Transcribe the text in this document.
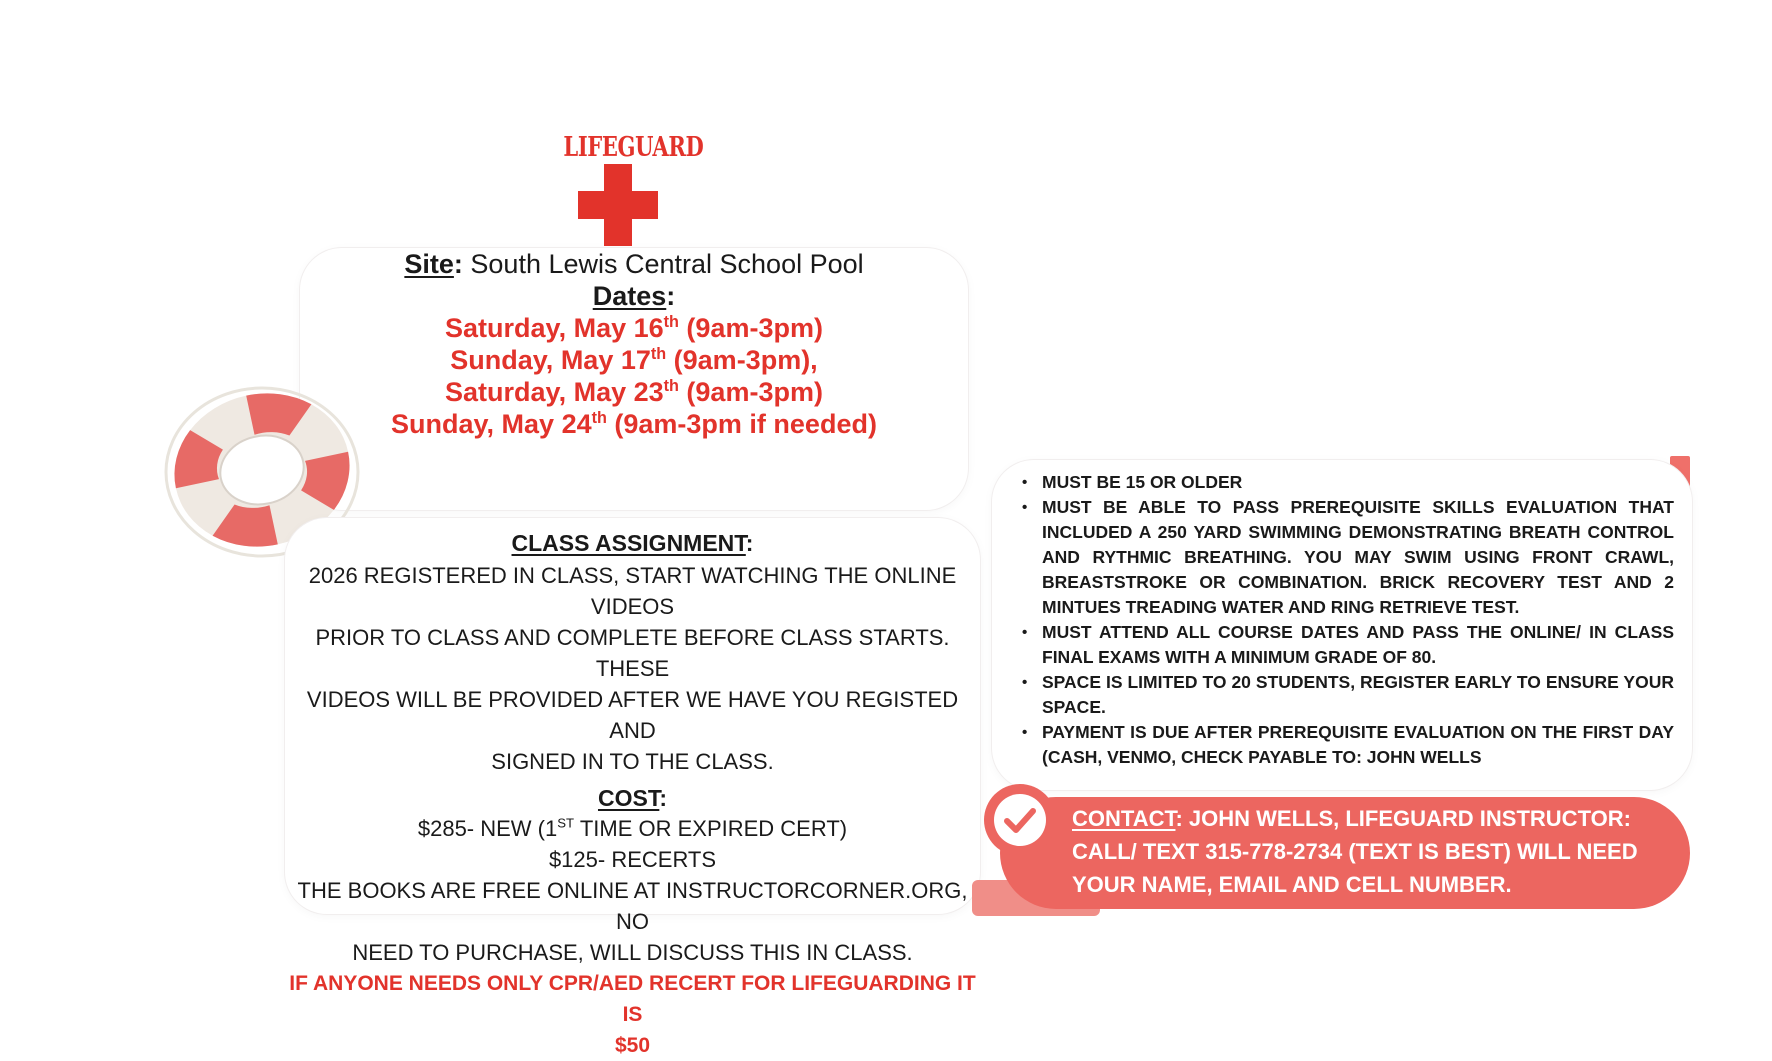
LIFEGUARD
Site: South Lewis Central School Pool
Dates:
Saturday, May 16th (9am-3pm)
Sunday, May 17th (9am-3pm),
Saturday, May 23th (9am-3pm)
Sunday, May 24th (9am-3pm if needed)
CLASS ASSIGNMENT:
2026 REGISTERED IN CLASS, START WATCHING THE ONLINE VIDEOS
PRIOR TO CLASS AND COMPLETE BEFORE CLASS STARTS. THESE
VIDEOS WILL BE PROVIDED AFTER WE HAVE YOU REGISTED AND
SIGNED IN TO THE CLASS.
COST:
$285- NEW (1ST TIME OR EXPIRED CERT)
$125- RECERTS
THE BOOKS ARE FREE ONLINE AT INSTRUCTORCORNER.ORG, NO
NEED TO PURCHASE, WILL DISCUSS THIS IN CLASS.
IF ANYONE NEEDS ONLY CPR/AED RECERT FOR LIFEGUARDING IT IS
$50
• MUST BE 15 OR OLDER
• MUST BE ABLE TO PASS PREREQUISITE SKILLS EVALUATION THAT INCLUDED A 250 YARD SWIMMING DEMONSTRATING BREATH CONTROL AND RYTHMIC BREATHING. YOU MAY SWIM USING FRONT CRAWL, BREASTSTROKE OR COMBINATION. BRICK RECOVERY TEST AND 2 MINTUES TREADING WATER AND RING RETRIEVE TEST.
• MUST ATTEND ALL COURSE DATES AND PASS THE ONLINE/ IN CLASS FINAL EXAMS WITH A MINIMUM GRADE OF 80.
• SPACE IS LIMITED TO 20 STUDENTS, REGISTER EARLY TO ENSURE YOUR SPACE.
• PAYMENT IS DUE AFTER PREREQUISITE EVALUATION ON THE FIRST DAY (CASH, VENMO, CHECK PAYABLE TO: JOHN WELLS
CONTACT: JOHN WELLS, LIFEGUARD INSTRUCTOR:
CALL/ TEXT 315-778-2734 (TEXT IS BEST) WILL NEED
YOUR NAME, EMAIL AND CELL NUMBER.
